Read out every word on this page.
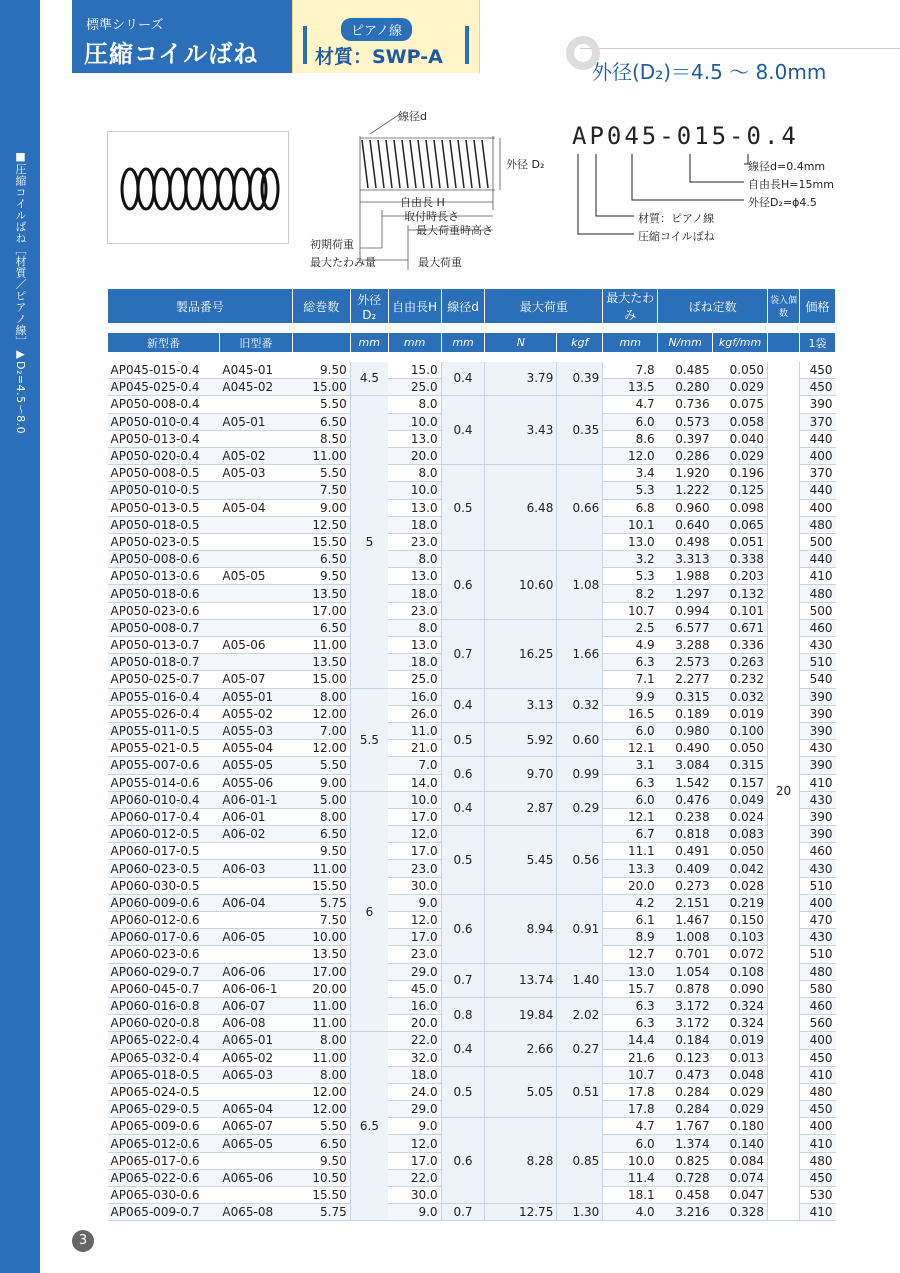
■圧縮コイルばね［材質／ピアノ線］▶D₂=4.5～8.0
標準シリーズ
圧縮コイルばね
ピアノ線
材質：SWP-A
外径(D₂)＝4.5 ～ 8.0mm
線径d
外径 D₂
自由長 H
取付時長さ
最大荷重時高さ
初期荷重
最大たわみ量	最大荷重
AP045-015-0.4
線径d=0.4mm
自由長H=15mm
外径D₂=ϕ4.5
材質：ピアノ線
圧縮コイルばね
製品番号		総巻数	外径D₂	自由長H	線径d	最大荷重		最大たわみ	ばね定数		袋入個数	価格

新型番	旧型番		mm	mm	mm	N	kgf	mm	N/mm	kgf/mm		1袋

AP045-015-0.4	A045-01	9.50	4.5	15.0	0.4	3.79	0.39	7.8	0.485	0.050	20	450
AP045-025-0.4	A045-02	15.00		25.0				13.5	0.280	0.029		450
AP050-008-0.4		5.50	5	8.0	0.4	3.43	0.35	4.7	0.736	0.075		390
AP050-010-0.4	A05-01	6.50		10.0				6.0	0.573	0.058		370
AP050-013-0.4		8.50		13.0				8.6	0.397	0.040		440
AP050-020-0.4	A05-02	11.00		20.0				12.0	0.286	0.029		400
AP050-008-0.5	A05-03	5.50		8.0	0.5	6.48	0.66	3.4	1.920	0.196		370
AP050-010-0.5		7.50		10.0				5.3	1.222	0.125		440
AP050-013-0.5	A05-04	9.00		13.0				6.8	0.960	0.098		400
AP050-018-0.5		12.50		18.0				10.1	0.640	0.065		480
AP050-023-0.5		15.50		23.0				13.0	0.498	0.051		500
AP050-008-0.6		6.50		8.0	0.6	10.60	1.08	3.2	3.313	0.338		440
AP050-013-0.6	A05-05	9.50		13.0				5.3	1.988	0.203		410
AP050-018-0.6		13.50		18.0				8.2	1.297	0.132		480
AP050-023-0.6		17.00		23.0				10.7	0.994	0.101		500
AP050-008-0.7		6.50		8.0	0.7	16.25	1.66	2.5	6.577	0.671		460
AP050-013-0.7	A05-06	11.00		13.0				4.9	3.288	0.336		430
AP050-018-0.7		13.50		18.0				6.3	2.573	0.263		510
AP050-025-0.7	A05-07	15.00		25.0				7.1	2.277	0.232		540
AP055-016-0.4	A055-01	8.00	5.5	16.0	0.4	3.13	0.32	9.9	0.315	0.032		390
AP055-026-0.4	A055-02	12.00		26.0				16.5	0.189	0.019		390
AP055-011-0.5	A055-03	7.00		11.0	0.5	5.92	0.60	6.0	0.980	0.100		390
AP055-021-0.5	A055-04	12.00		21.0				12.1	0.490	0.050		430
AP055-007-0.6	A055-05	5.50		7.0	0.6	9.70	0.99	3.1	3.084	0.315		390
AP055-014-0.6	A055-06	9.00		14.0				6.3	1.542	0.157		410
AP060-010-0.4	A06-01-1	5.00	6	10.0	0.4	2.87	0.29	6.0	0.476	0.049		430
AP060-017-0.4	A06-01	8.00		17.0				12.1	0.238	0.024		390
AP060-012-0.5	A06-02	6.50		12.0	0.5	5.45	0.56	6.7	0.818	0.083		390
AP060-017-0.5		9.50		17.0				11.1	0.491	0.050		460
AP060-023-0.5	A06-03	11.00		23.0				13.3	0.409	0.042		430
AP060-030-0.5		15.50		30.0				20.0	0.273	0.028		510
AP060-009-0.6	A06-04	5.75		9.0	0.6	8.94	0.91	4.2	2.151	0.219		400
AP060-012-0.6		7.50		12.0				6.1	1.467	0.150		470
AP060-017-0.6	A06-05	10.00		17.0				8.9	1.008	0.103		430
AP060-023-0.6		13.50		23.0				12.7	0.701	0.072		510
AP060-029-0.7	A06-06	17.00		29.0	0.7	13.74	1.40	13.0	1.054	0.108		480
AP060-045-0.7	A06-06-1	20.00		45.0				15.7	0.878	0.090		580
AP060-016-0.8	A06-07	11.00		16.0	0.8	19.84	2.02	6.3	3.172	0.324		460
AP060-020-0.8	A06-08	11.00		20.0				6.3	3.172	0.324		560
AP065-022-0.4	A065-01	8.00	6.5	22.0	0.4	2.66	0.27	14.4	0.184	0.019		400
AP065-032-0.4	A065-02	11.00		32.0				21.6	0.123	0.013		450
AP065-018-0.5	A065-03	8.00		18.0	0.5	5.05	0.51	10.7	0.473	0.048		410
AP065-024-0.5		12.00		24.0				17.8	0.284	0.029		480
AP065-029-0.5	A065-04	12.00		29.0				17.8	0.284	0.029		450
AP065-009-0.6	A065-07	5.50		9.0	0.6	8.28	0.85	4.7	1.767	0.180		400
AP065-012-0.6	A065-05	6.50		12.0				6.0	1.374	0.140		410
AP065-017-0.6		9.50		17.0				10.0	0.825	0.084		480
AP065-022-0.6	A065-06	10.50		22.0				11.4	0.728	0.074		450
AP065-030-0.6		15.50		30.0				18.1	0.458	0.047		530
AP065-009-0.7	A065-08	5.75		9.0	0.7	12.75	1.30	4.0	3.216	0.328		410
3
